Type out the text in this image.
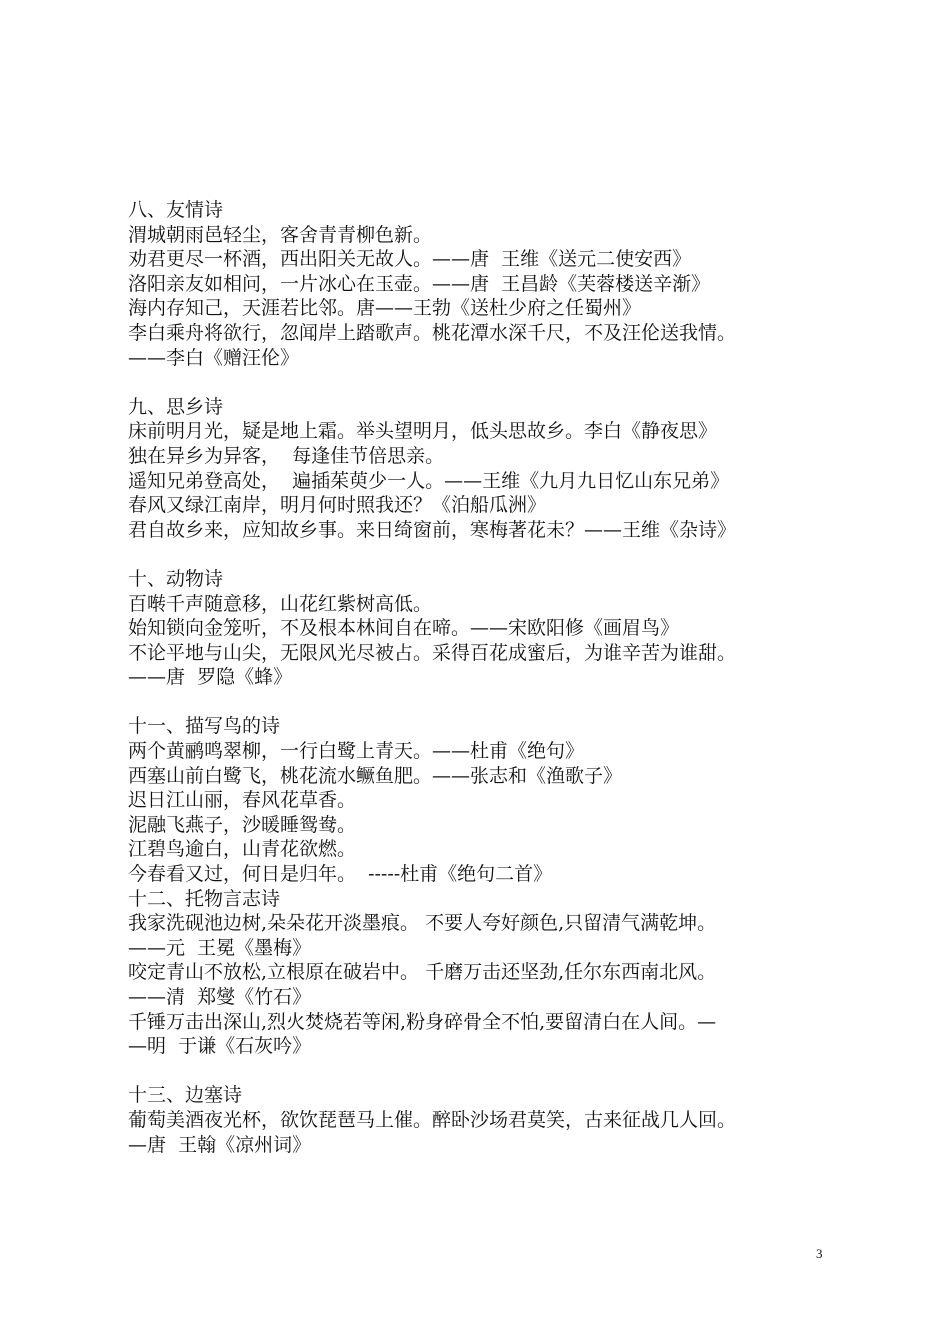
八、友情诗
渭城朝雨邑轻尘，客舍青青柳色新。
劝君更尽一杯酒，西出阳关无故人。——唐  王维《送元二使安西》
洛阳亲友如相问，一片冰心在玉壶。——唐  王昌龄《芙蓉楼送辛渐》
海内存知己，天涯若比邻。唐——王勃《送杜少府之任蜀州》
李白乘舟将欲行，忽闻岸上踏歌声。桃花潭水深千尺，不及汪伦送我情。
——李白《赠汪伦》
九、思乡诗
床前明月光，疑是地上霜。举头望明月，低头思故乡。李白《静夜思》
独在异乡为异客，  每逢佳节倍思亲。
遥知兄弟登高处，  遍插茱萸少一人。——王维《九月九日忆山东兄弟》
春风又绿江南岸，明月何时照我还？《泊船瓜洲》
君自故乡来，应知故乡事。来日绮窗前，寒梅著花未？——王维《杂诗》
十、动物诗
百啭千声随意移，山花红紫树高低。
始知锁向金笼听，不及根本林间自在啼。——宋欧阳修《画眉鸟》
不论平地与山尖，无限风光尽被占。采得百花成蜜后，为谁辛苦为谁甜。
——唐  罗隐《蜂》
十一、描写鸟的诗
两个黄鹂鸣翠柳，一行白鹭上青天。——杜甫《绝句》
西塞山前白鹭飞，桃花流水鳜鱼肥。——张志和《渔歌子》
迟日江山丽，春风花草香。
泥融飞燕子，沙暖睡鸳鸯。
江碧鸟逾白，山青花欲燃。
今春看又过，何日是归年。  -----杜甫《绝句二首》
十二、托物言志诗
我家洗砚池边树,朵朵花开淡墨痕。 不要人夸好颜色,只留清气满乾坤。
——元  王冕《墨梅》
咬定青山不放松,立根原在破岩中。 千磨万击还坚劲,任尔东西南北风。
——清  郑燮《竹石》
千锤万击出深山,烈火焚烧若等闲,粉身碎骨全不怕,要留清白在人间。—
—明  于谦《石灰吟》
十三、边塞诗
葡萄美酒夜光杯，欲饮琵琶马上催。醉卧沙场君莫笑，古来征战几人回。
—唐  王翰《凉州词》
3
